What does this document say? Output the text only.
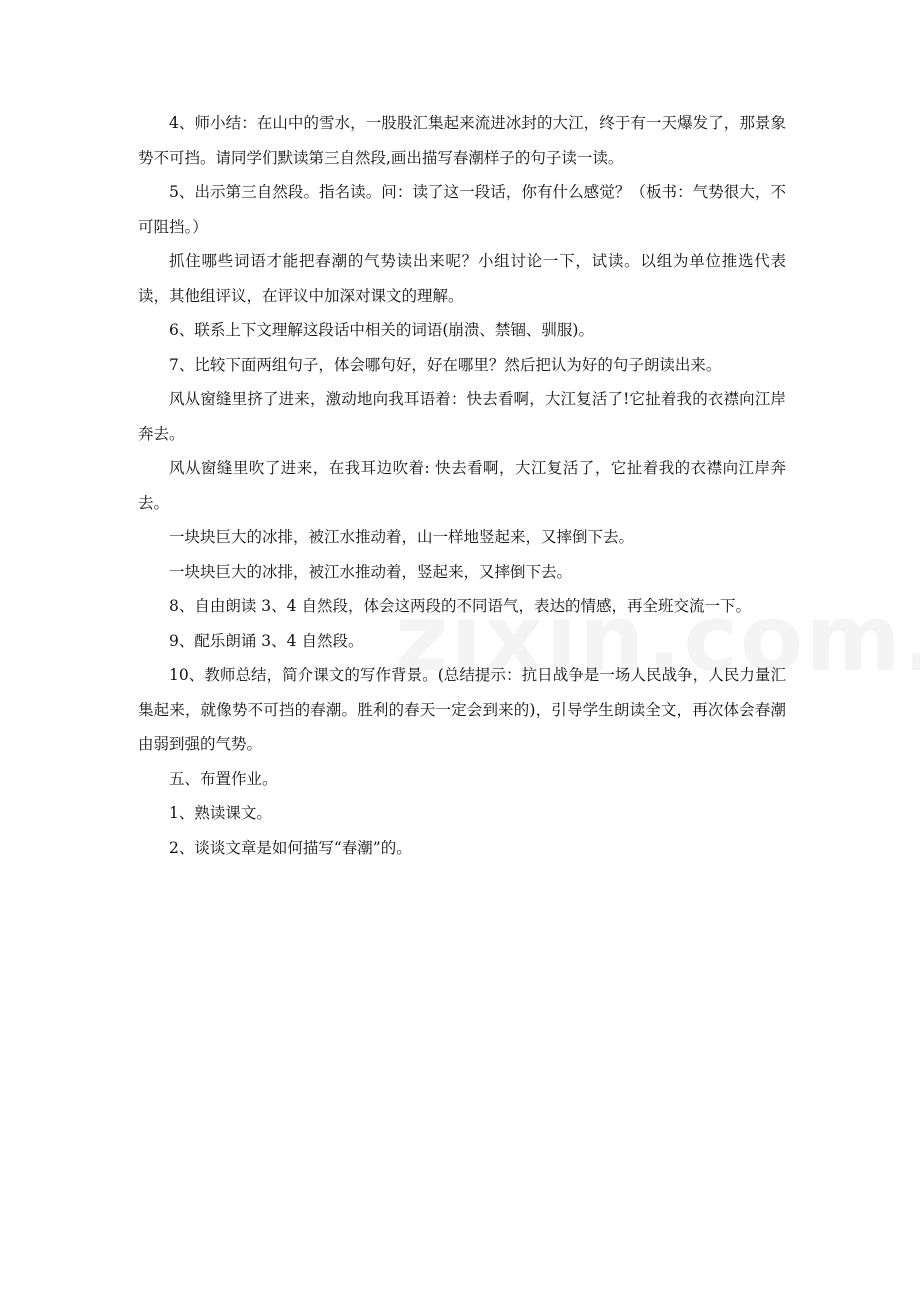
4、师小结：在山中的雪水，一股股汇集起来流进冰封的大江，终于有一天爆发了，那景象势不可挡。请同学们默读第三自然段,画出描写春潮样子的句子读一读。

5、出示第三自然段。指名读。问：读了这一段话，你有什么感觉？（板书：气势很大，不可阻挡。）

抓住哪些词语才能把春潮的气势读出来呢？小组讨论一下，试读。以组为单位推选代表读，其他组评议，在评议中加深对课文的理解。

6、联系上下文理解这段话中相关的词语(崩溃、禁锢、驯服)。

7、比较下面两组句子，体会哪句好，好在哪里？然后把认为好的句子朗读出来。

风从窗缝里挤了进来，激动地向我耳语着：快去看啊，大江复活了!它扯着我的衣襟向江岸奔去。

风从窗缝里吹了进来，在我耳边吹着: 快去看啊，大江复活了，它扯着我的衣襟向江岸奔去。

一块块巨大的冰排，被江水推动着，山一样地竖起来，又摔倒下去。

一块块巨大的冰排，被江水推动着，竖起来，又摔倒下去。

8、自由朗读 3、4 自然段，体会这两段的不同语气，表达的情感，再全班交流一下。

9、配乐朗诵 3、4 自然段。

10、教师总结，简介课文的写作背景。(总结提示：抗日战争是一场人民战争，人民力量汇集起来，就像势不可挡的春潮。胜利的春天一定会到来的)，引导学生朗读全文，再次体会春潮由弱到强的气势。

五、布置作业。

1、熟读课文。

2、谈谈文章是如何描写“春潮”的。
